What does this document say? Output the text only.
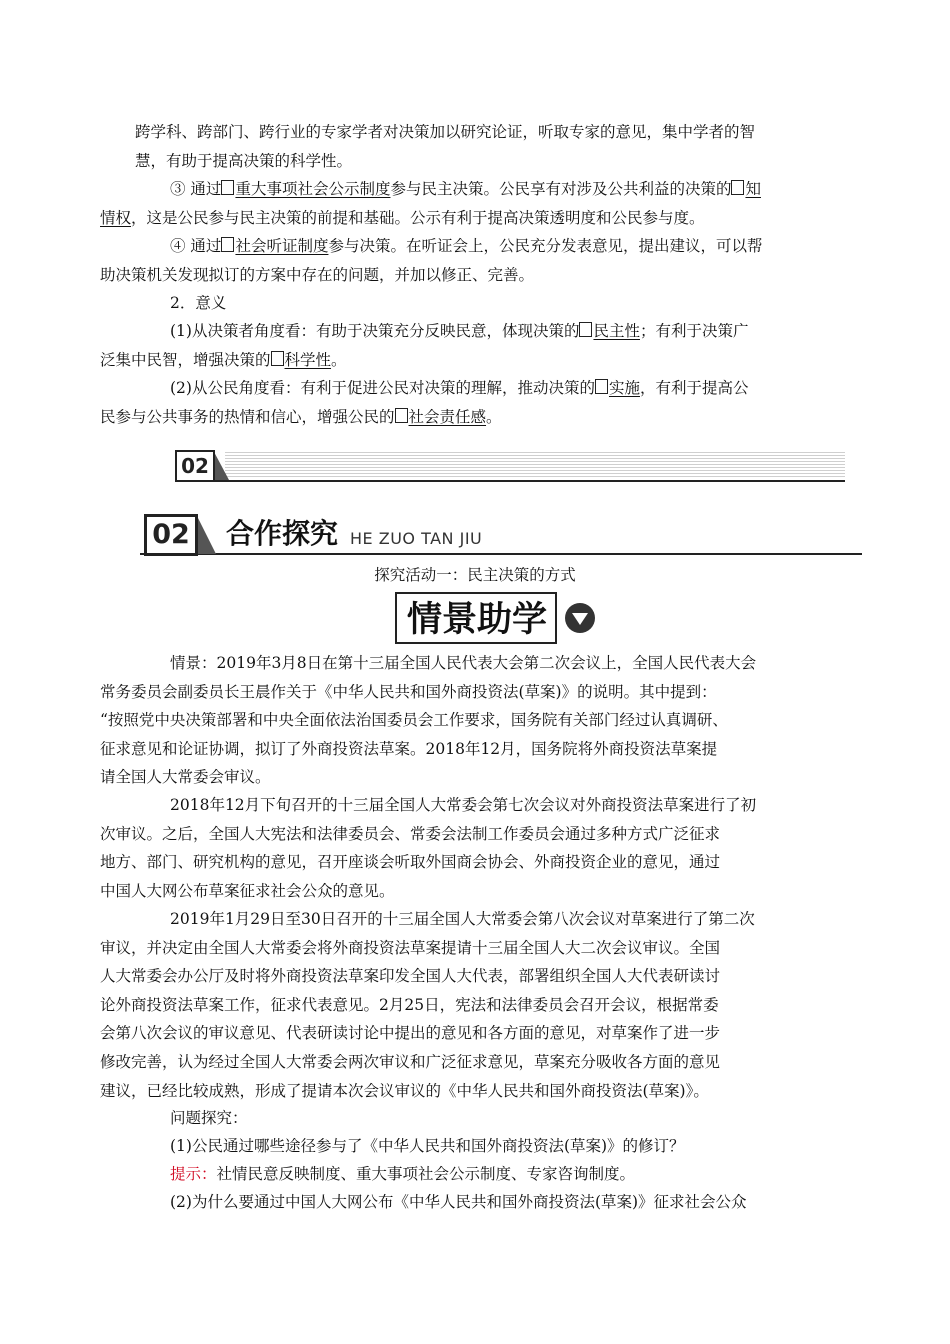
跨学科、跨部门、跨行业的专家学者对决策加以研究论证，听取专家的意见，集中学者的智
慧，有助于提高决策的科学性。

③ 通过 重大事项社会公示制度参与民主决策。公民享有对涉及公共利益的决策的 知
情权，这是公民参与民主决策的前提和基础。公示有利于提高决策透明度和公民参与度。

④ 通过 社会听证制度参与决策。在听证会上，公民充分发表意见，提出建议，可以帮
助决策机关发现拟订的方案中存在的问题，并加以修正、完善。

2．意义

(1)从决策者角度看：有助于决策充分反映民意，体现决策的 民主性；有利于决策广
泛集中民智，增强决策的 科学性。

(2)从公民角度看：有利于促进公民对决策的理解，推动决策的 实施，有利于提高公
民参与公共事务的热情和信心，增强公民的 社会责任感。

02
02 合作探究 HE ZUO TAN JIU
探究活动一：民主决策的方式
情景助学

情景：2019年3月8日在第十三届全国人民代表大会第二次会议上，全国人民代表大会
常务委员会副委员长王晨作关于《中华人民共和国外商投资法(草案)》的说明。其中提到：
“按照党中央决策部署和中央全面依法治国委员会工作要求，国务院有关部门经过认真调研、
征求意见和论证协调，拟订了外商投资法草案。2018年12月，国务院将外商投资法草案提
请全国人大常委会审议。

2018年12月下旬召开的十三届全国人大常委会第七次会议对外商投资法草案进行了初
次审议。之后，全国人大宪法和法律委员会、常委会法制工作委员会通过多种方式广泛征求
地方、部门、研究机构的意见，召开座谈会听取外国商会协会、外商投资企业的意见，通过
中国人大网公布草案征求社会公众的意见。

2019年1月29日至30日召开的十三届全国人大常委会第八次会议对草案进行了第二次
审议，并决定由全国人大常委会将外商投资法草案提请十三届全国人大二次会议审议。全国
人大常委会办公厅及时将外商投资法草案印发全国人大代表，部署组织全国人大代表研读讨
论外商投资法草案工作，征求代表意见。2月25日，宪法和法律委员会召开会议，根据常委
会第八次会议的审议意见、代表研读讨论中提出的意见和各方面的意见，对草案作了进一步
修改完善，认为经过全国人大常委会两次审议和广泛征求意见，草案充分吸收各方面的意见
建议，已经比较成熟，形成了提请本次会议审议的《中华人民共和国外商投资法(草案)》。

问题探究：

(1)公民通过哪些途径参与了《中华人民共和国外商投资法(草案)》的修订？

提示：社情民意反映制度、重大事项社会公示制度、专家咨询制度。

(2)为什么要通过中国人大网公布《中华人民共和国外商投资法(草案)》征求社会公众
